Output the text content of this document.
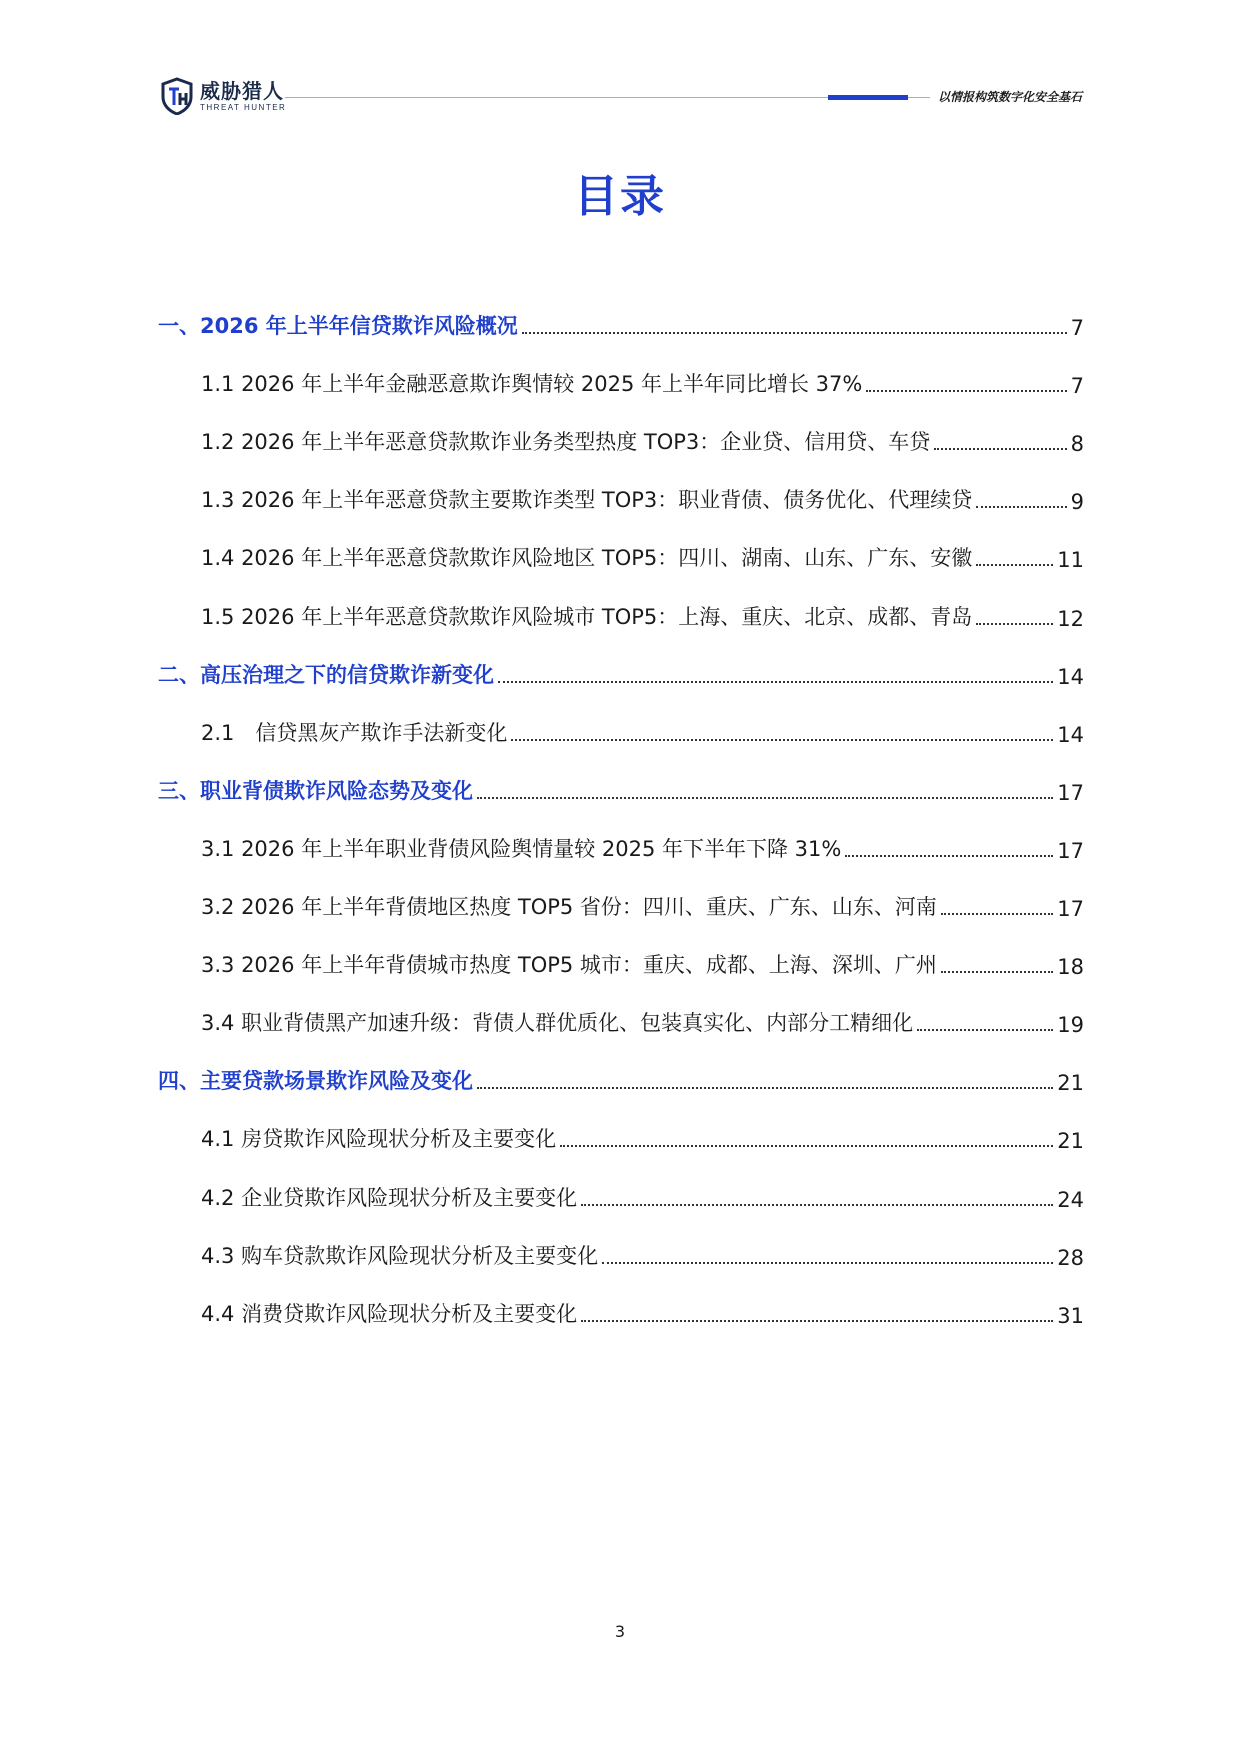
威胁猎人
THREAT HUNTER
以情报构筑数字化安全基石
目录
一、2026 年上半年信贷欺诈风险概况	7
1.1 2026 年上半年金融恶意欺诈舆情较 2025 年上半年同比增长 37%	7
1.2 2026 年上半年恶意贷款欺诈业务类型热度 TOP3：企业贷、信用贷、车贷	8
1.3 2026 年上半年恶意贷款主要欺诈类型 TOP3：职业背债、债务优化、代理续贷	9
1.4 2026 年上半年恶意贷款欺诈风险地区 TOP5：四川、湖南、山东、广东、安徽	11
1.5 2026 年上半年恶意贷款欺诈风险城市 TOP5：上海、重庆、北京、成都、青岛	12
二、高压治理之下的信贷欺诈新变化	14
2.1　信贷黑灰产欺诈手法新变化	14
三、职业背债欺诈风险态势及变化	17
3.1 2026 年上半年职业背债风险舆情量较 2025 年下半年下降 31%	17
3.2 2026 年上半年背债地区热度 TOP5 省份：四川、重庆、广东、山东、河南	17
3.3 2026 年上半年背债城市热度 TOP5 城市：重庆、成都、上海、深圳、广州	18
3.4 职业背债黑产加速升级：背债人群优质化、包装真实化、内部分工精细化	19
四、主要贷款场景欺诈风险及变化	21
4.1 房贷欺诈风险现状分析及主要变化	21
4.2 企业贷欺诈风险现状分析及主要变化	24
4.3 购车贷款欺诈风险现状分析及主要变化	28
4.4 消费贷欺诈风险现状分析及主要变化	31
3
